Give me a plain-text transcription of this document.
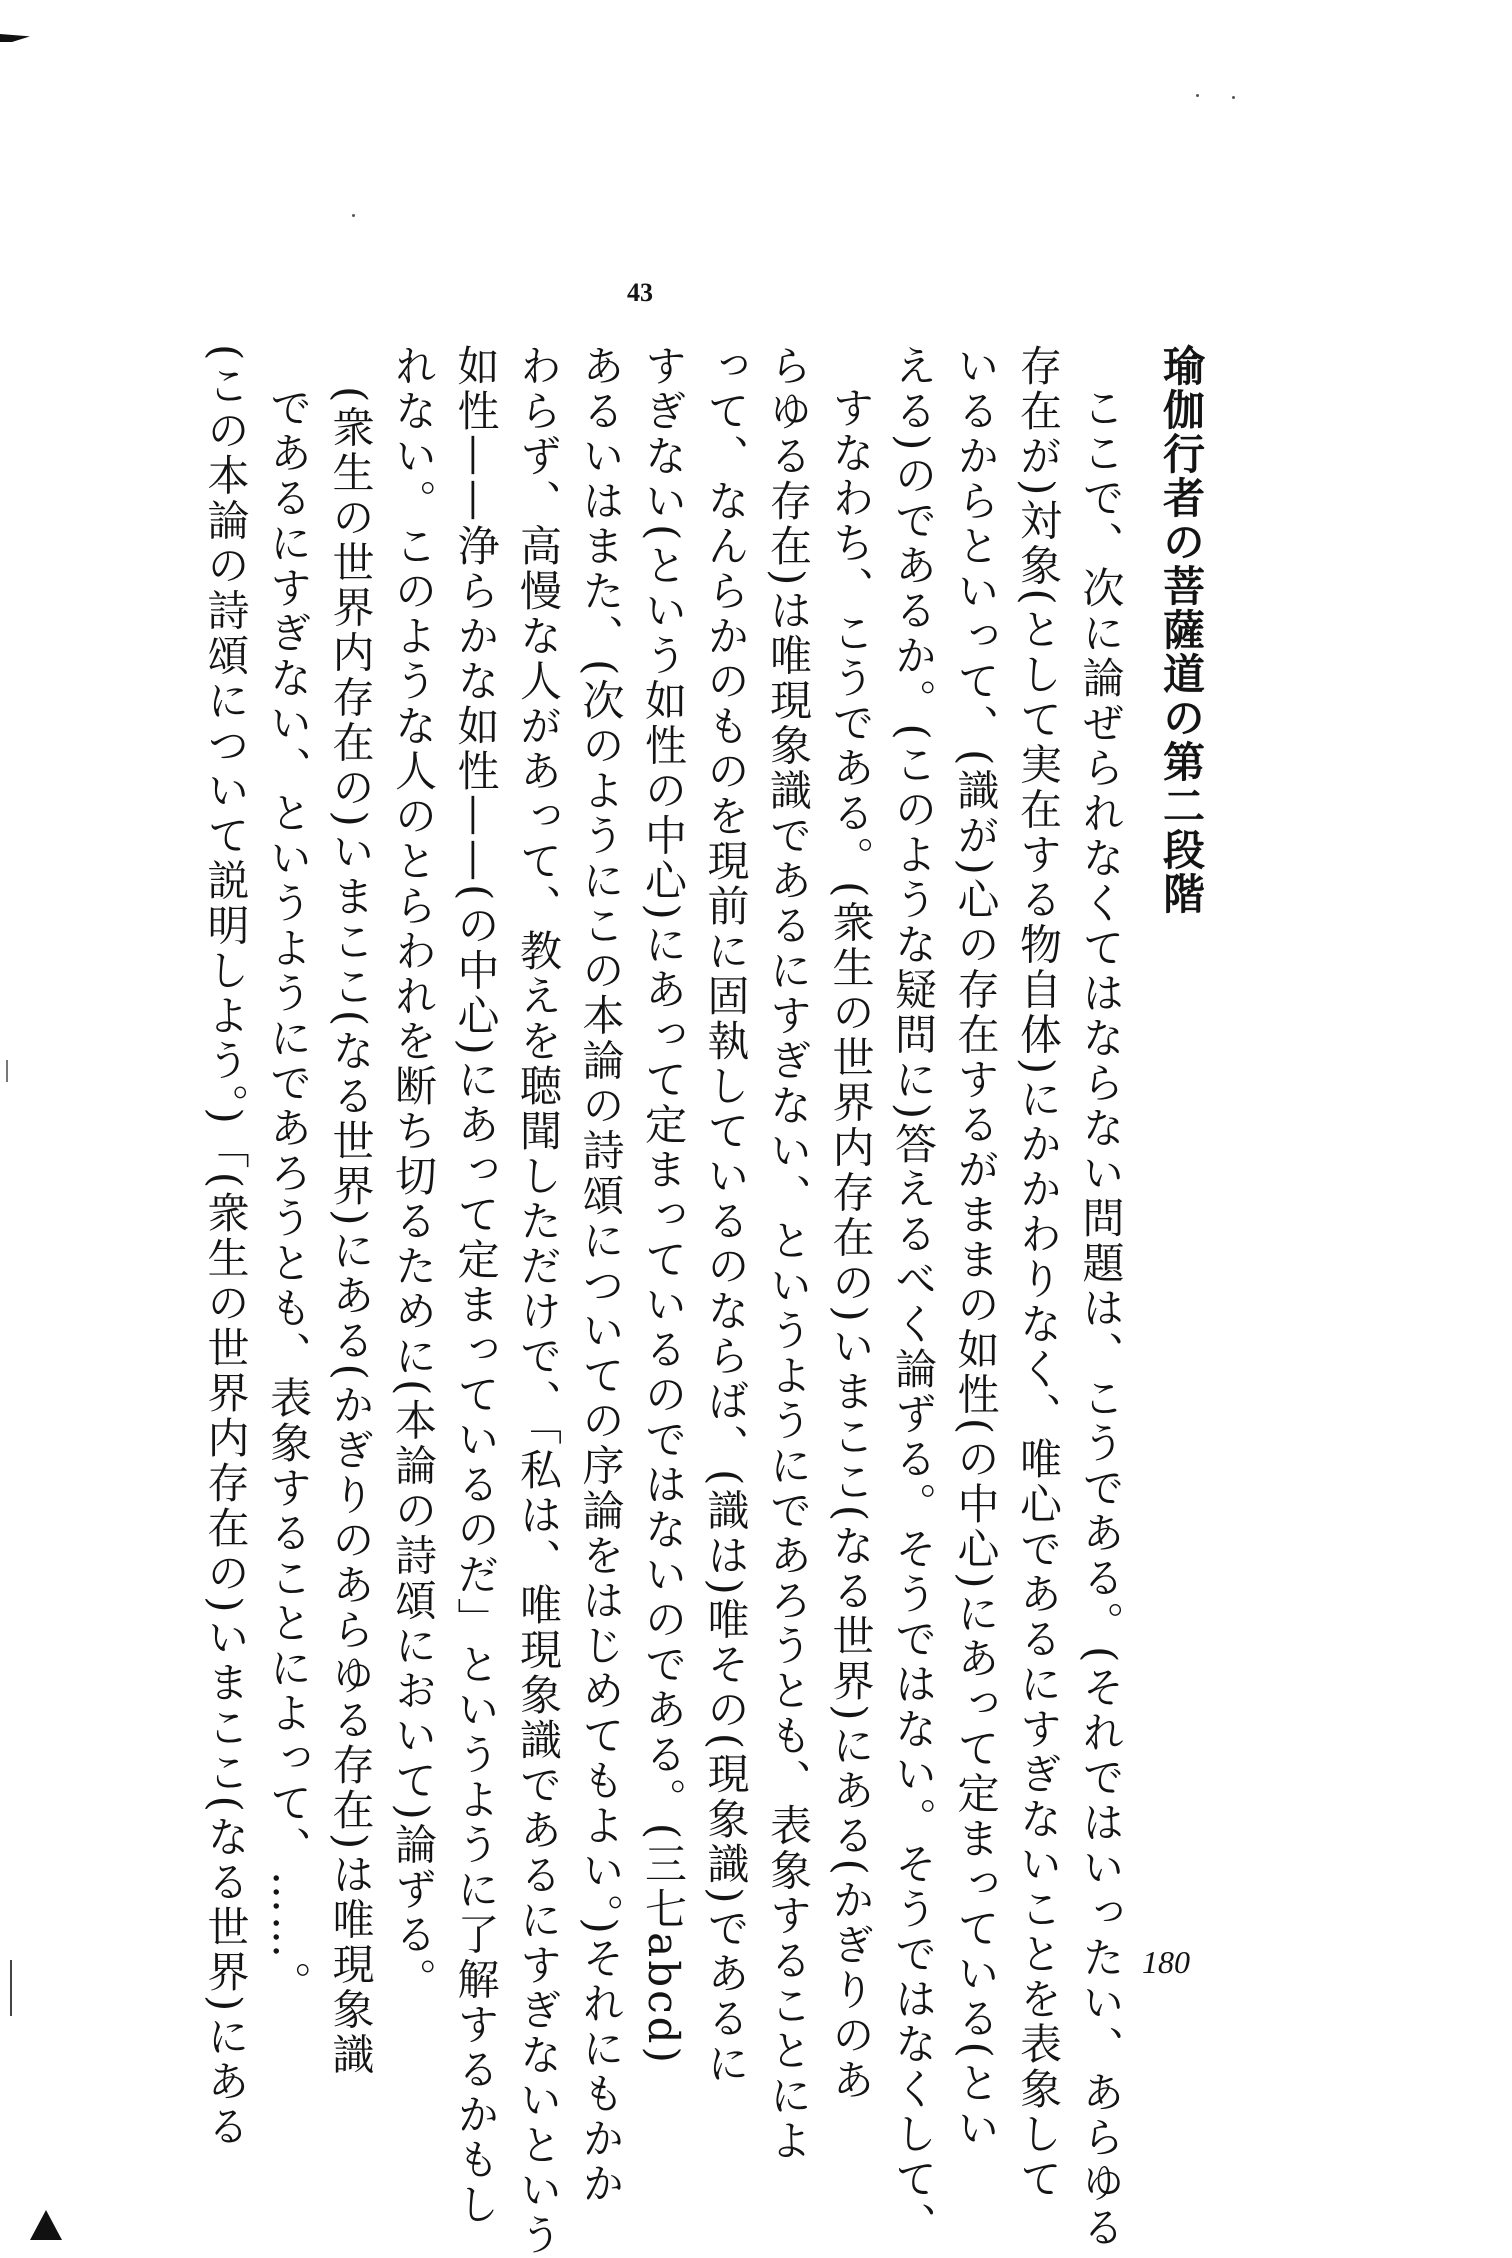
43

瑜伽行者の菩薩道の第二段階

ここで、次に論ぜられなくてはならない問題は、こうである。(それではいったい、あらゆる

存在が)対象(として実在する物自体)にかかわりなく、唯心であるにすぎないことを表象して

いるからといって、(識が)心の存在するがままの如性(の中心)にあって定まっている(とい

える)のであるか。(このような疑問に)答えるべく論ずる。そうではない。そうではなくして、

すなわち、こうである。(衆生の世界内存在の)いまここ(なる世界)にある(かぎりのあ

らゆる存在)は唯現象識であるにすぎない、というようにであろうとも、表象することによ

って、なんらかのものを現前に固執しているのならば、(識は)唯その(現象識)であるに

すぎない(という如性の中心)にあって定まっているのではないのである。(三七abcd)

あるいはまた、(次のようにこの本論の詩頌についての序論をはじめてもよい。)それにもかか

わらず、高慢な人があって、教えを聴聞しただけで、「私は、唯現象識であるにすぎないという

如性——浄らかな如性——(の中心)にあって定まっているのだ」というように了解するかもし

れない。このような人のとらわれを断ち切るために(本論の詩頌において)論ずる。

(衆生の世界内存在の)いまここ(なる世界)にある(かぎりのあらゆる存在)は唯現象識

であるにすぎない、というようにであろうとも、表象することによって、……。

(この本論の詩頌について説明しよう。)「(衆生の世界内存在の)いまここ(なる世界)にある	180
